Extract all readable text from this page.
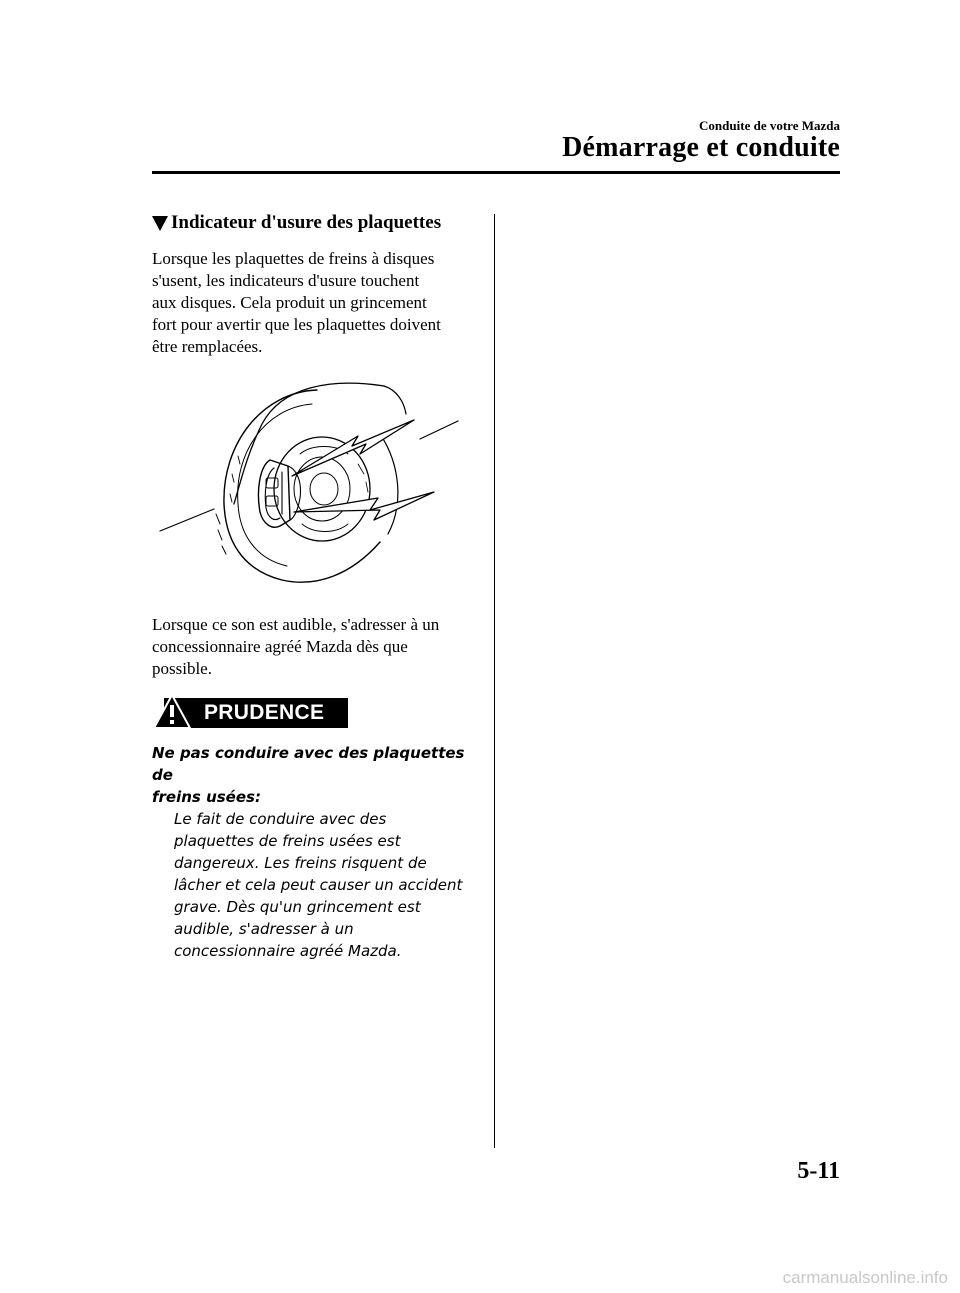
Conduite de votre Mazda
Démarrage et conduite
Indicateur d'usure des plaquettes
Lorsque les plaquettes de freins à disques
s'usent, les indicateurs d'usure touchent
aux disques. Cela produit un grincement
fort pour avertir que les plaquettes doivent
être remplacées.
Lorsque ce son est audible, s'adresser à un
concessionnaire agréé Mazda dès que
possible.
PRUDENCE
Ne pas conduire avec des plaquettes de
freins usées:
Le fait de conduire avec des
plaquettes de freins usées est
dangereux. Les freins risquent de
lâcher et cela peut causer un accident
grave. Dès qu'un grincement est
audible, s'adresser à un
concessionnaire agréé Mazda.
5-11
carmanualsonline.info
